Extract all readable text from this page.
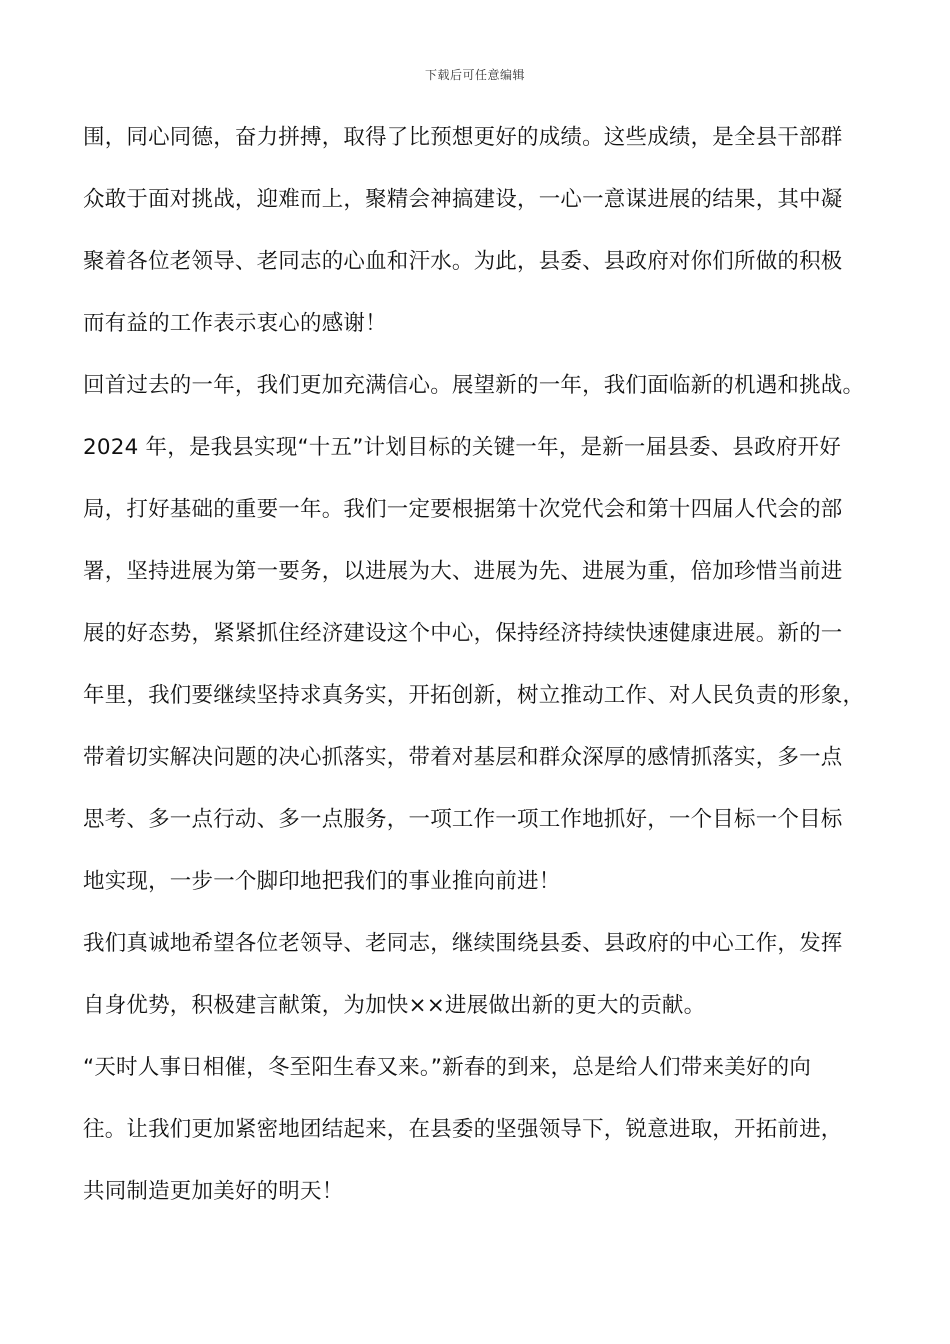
下载后可任意编辑
围，同心同德，奋力拼搏，取得了比预想更好的成绩。这些成绩，是全县干部群
众敢于面对挑战，迎难而上，聚精会神搞建设，一心一意谋进展的结果，其中凝
聚着各位老领导、老同志的心血和汗水。为此，县委、县政府对你们所做的积极
而有益的工作表示衷心的感谢！
回首过去的一年，我们更加充满信心。展望新的一年，我们面临新的机遇和挑战。
2024 年，是我县实现“十五”计划目标的关键一年，是新一届县委、县政府开好
局，打好基础的重要一年。我们一定要根据第十次党代会和第十四届人代会的部
署，坚持进展为第一要务，以进展为大、进展为先、进展为重，倍加珍惜当前进
展的好态势，紧紧抓住经济建设这个中心，保持经济持续快速健康进展。新的一
年里，我们要继续坚持求真务实，开拓创新，树立推动工作、对人民负责的形象，
带着切实解决问题的决心抓落实，带着对基层和群众深厚的感情抓落实，多一点
思考、多一点行动、多一点服务，一项工作一项工作地抓好，一个目标一个目标
地实现，一步一个脚印地把我们的事业推向前进！
我们真诚地希望各位老领导、老同志，继续围绕县委、县政府的中心工作，发挥
自身优势，积极建言献策，为加快××进展做出新的更大的贡献。
“天时人事日相催，冬至阳生春又来。”新春的到来，总是给人们带来美好的向
往。让我们更加紧密地团结起来，在县委的坚强领导下，锐意进取，开拓前进，
共同制造更加美好的明天！
